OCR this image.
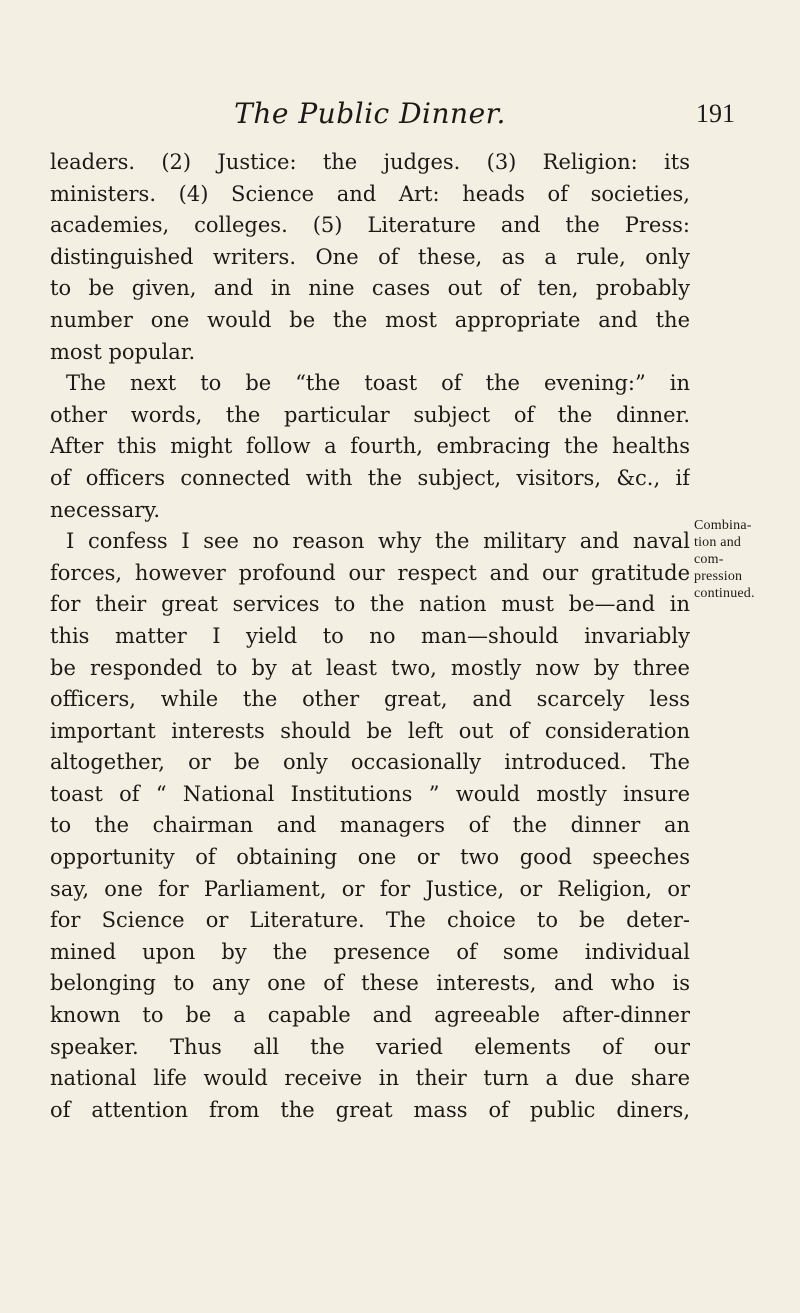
The Public Dinner.	191
leaders. (2) Justice: the judges. (3) Religion: its
ministers. (4) Science and Art: heads of societies,
academies, colleges. (5) Literature and the Press:
distinguished writers. One of these, as a rule, only
to be given, and in nine cases out of ten, probably
number one would be the most appropriate and the
most popular.
The next to be “the toast of the evening:” in
other words, the particular subject of the dinner.
After this might follow a fourth, embracing the healths
of officers connected with the subject, visitors, &c., if
necessary.
I confess I see no reason why the military and naval
forces, however profound our respect and our gratitude
for their great services to the nation must be—and in
this matter I yield to no man—should invariably
be responded to by at least two, mostly now by three
officers, while the other great, and scarcely less
important interests should be left out of consideration
altogether, or be only occasionally introduced. The
toast of “ National Institutions ” would mostly insure
to the chairman and managers of the dinner an
opportunity of obtaining one or two good speeches
say, one for Parliament, or for Justice, or Religion, or
for Science or Literature. The choice to be deter-
mined upon by the presence of some individual
belonging to any one of these interests, and who is
known to be a capable and agreeable after-dinner
speaker. Thus all the varied elements of our
national life would receive in their turn a due share
of attention from the great mass of public diners,
Combina-
tion and
com-
pression
continued.
